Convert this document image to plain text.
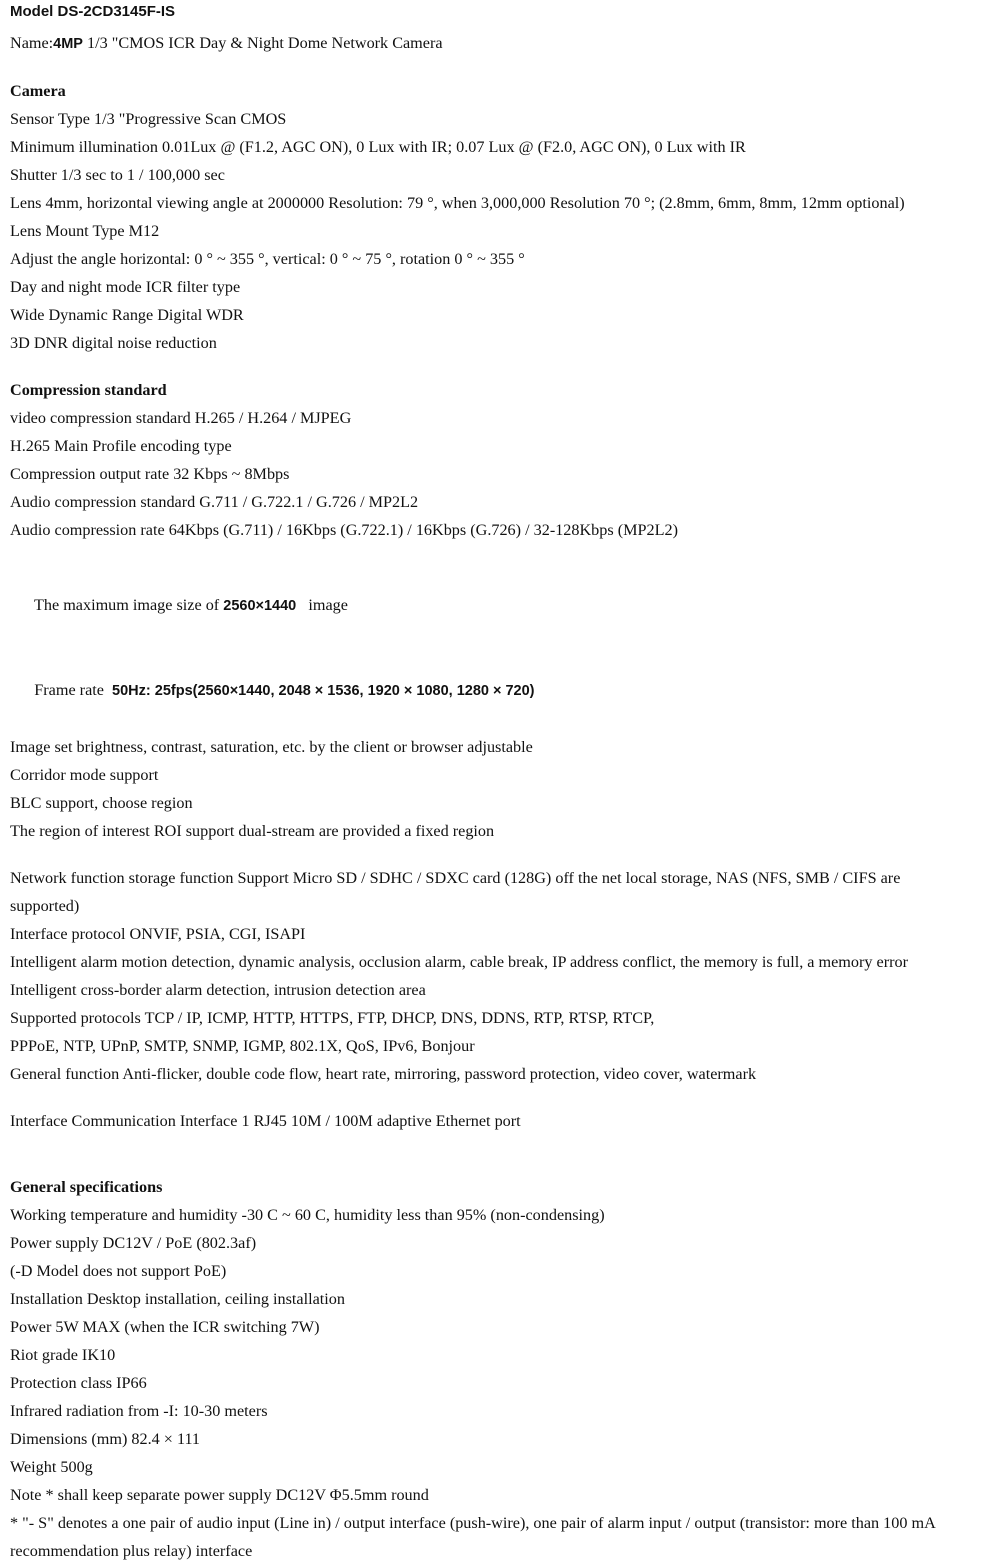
Model DS-2CD3145F-IS
Name:4MP 1/3 "CMOS ICR Day & Night Dome Network Camera
Camera
Sensor Type 1/3 "Progressive Scan CMOS
Minimum illumination 0.01Lux @ (F1.2, AGC ON), 0 Lux with IR; 0.07 Lux @ (F2.0, AGC ON), 0 Lux with IR
Shutter 1/3 sec to 1 / 100,000 sec
Lens 4mm, horizontal viewing angle at 2000000 Resolution: 79 °, when 3,000,000 Resolution 70 °; (2.8mm, 6mm, 8mm, 12mm optional)
Lens Mount Type M12
Adjust the angle horizontal: 0 ° ~ 355 °, vertical: 0 ° ~ 75 °, rotation 0 ° ~ 355 °
Day and night mode ICR filter type
Wide Dynamic Range Digital WDR
3D DNR digital noise reduction
Compression standard
video compression standard H.265 / H.264 / MJPEG
H.265 Main Profile encoding type
Compression output rate 32 Kbps ~ 8Mbps
Audio compression standard G.711 / G.722.1 / G.726 / MP2L2
Audio compression rate 64Kbps (G.711) / 16Kbps (G.722.1) / 16Kbps (G.726) / 32-128Kbps (MP2L2)

The maximum image size of 2560×1440   image

Frame rate  50Hz: 25fps(2560×1440, 2048 × 1536, 1920 × 1080, 1280 × 720)

Image set brightness, contrast, saturation, etc. by the client or browser adjustable
Corridor mode support
BLC support, choose region
The region of interest ROI support dual-stream are provided a fixed region
Network function storage function Support Micro SD / SDHC / SDXC card (128G) off the net local storage, NAS (NFS, SMB / CIFS are supported)
Interface protocol ONVIF, PSIA, CGI, ISAPI
Intelligent alarm motion detection, dynamic analysis, occlusion alarm, cable break, IP address conflict, the memory is full, a memory error
Intelligent cross-border alarm detection, intrusion detection area
Supported protocols TCP / IP, ICMP, HTTP, HTTPS, FTP, DHCP, DNS, DDNS, RTP, RTSP, RTCP,
PPPoE, NTP, UPnP, SMTP, SNMP, IGMP, 802.1X, QoS, IPv6, Bonjour
General function Anti-flicker, double code flow, heart rate, mirroring, password protection, video cover, watermark
Interface Communication Interface 1 RJ45 10M / 100M adaptive Ethernet port
General specifications
Working temperature and humidity -30 C ~ 60 C, humidity less than 95% (non-condensing)
Power supply DC12V / PoE (802.3af)
(-D Model does not support PoE)
Installation Desktop installation, ceiling installation
Power 5W MAX (when the ICR switching 7W)
Riot grade IK10
Protection class IP66
Infrared radiation from -I: 10-30 meters
Dimensions (mm) 82.4 × 111
Weight 500g
Note * shall keep separate power supply DC12V Φ5.5mm round
* "- S" denotes a one pair of audio input (Line in) / output interface (push-wire), one pair of alarm input / output (transistor: more than 100 mA recommendation plus relay) interface
